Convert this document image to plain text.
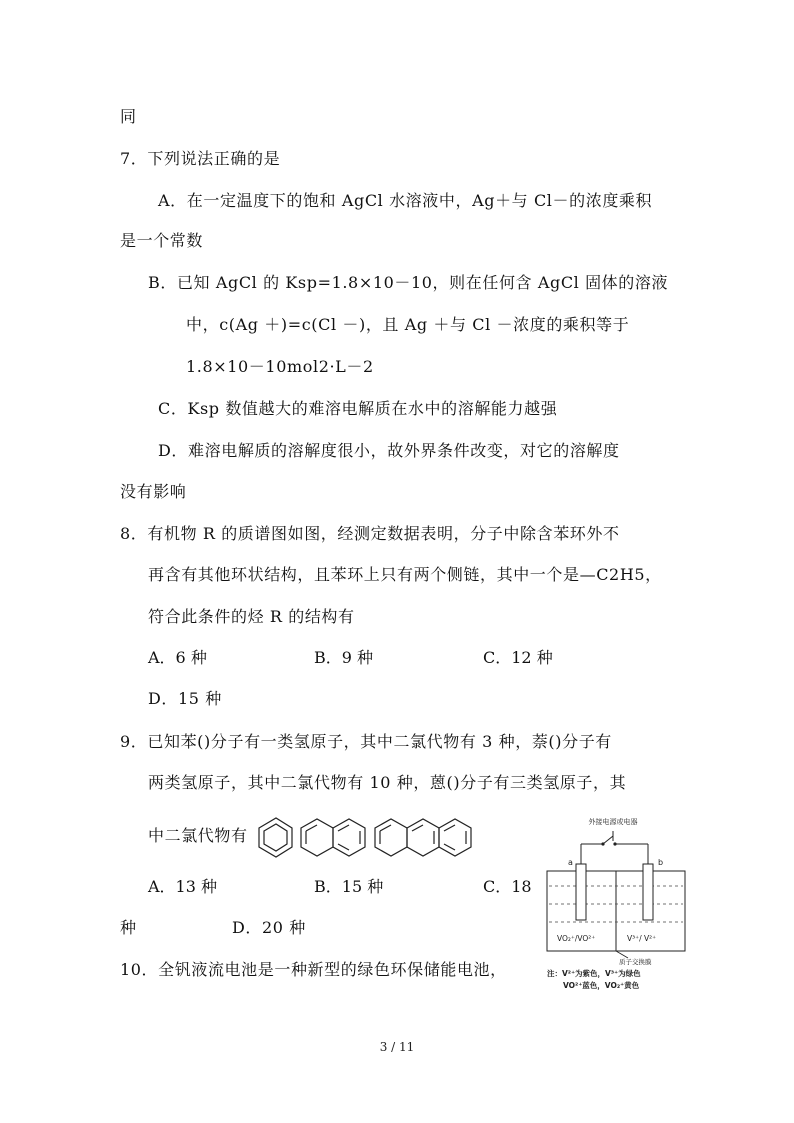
同
7．下列说法正确的是
A．在一定温度下的饱和 AgCl 水溶液中，Ag＋与 Cl－的浓度乘积
是一个常数
B．已知 AgCl 的 Ksp=1.8×10－10，则在任何含 AgCl 固体的溶液
中，c(Ag ＋)=c(Cl －)，且 Ag ＋与 Cl －浓度的乘积等于
1.8×10－10mol2·L－2
C．Ksp 数值越大的难溶电解质在水中的溶解能力越强
D．难溶电解质的溶解度很小，故外界条件改变，对它的溶解度
没有影响
8．有机物 R 的质谱图如图，经测定数据表明，分子中除含苯环外不
再含有其他环状结构，且苯环上只有两个侧链，其中一个是—C2H5，
符合此条件的烃 R 的结构有
A．6 种	B．9 种	C．12 种
D．15 种
9．已知苯()分子有一类氢原子，其中二氯代物有 3 种，萘()分子有
两类氢原子，其中二氯代物有 10 种，蒽()分子有三类氢原子，其
中二氯代物有
A．13 种	B．15 种	C．18
种	D．20 种
10．全钒液流电池是一种新型的绿色环保储能电池，
外接电源或电器
a	b
VO₂⁺/VO²⁺	V³⁺/ V²⁺
质子交换膜
注：V²⁺为紫色，V³⁺为绿色
VO²⁺蓝色，VO₂⁺黄色
3 / 11
